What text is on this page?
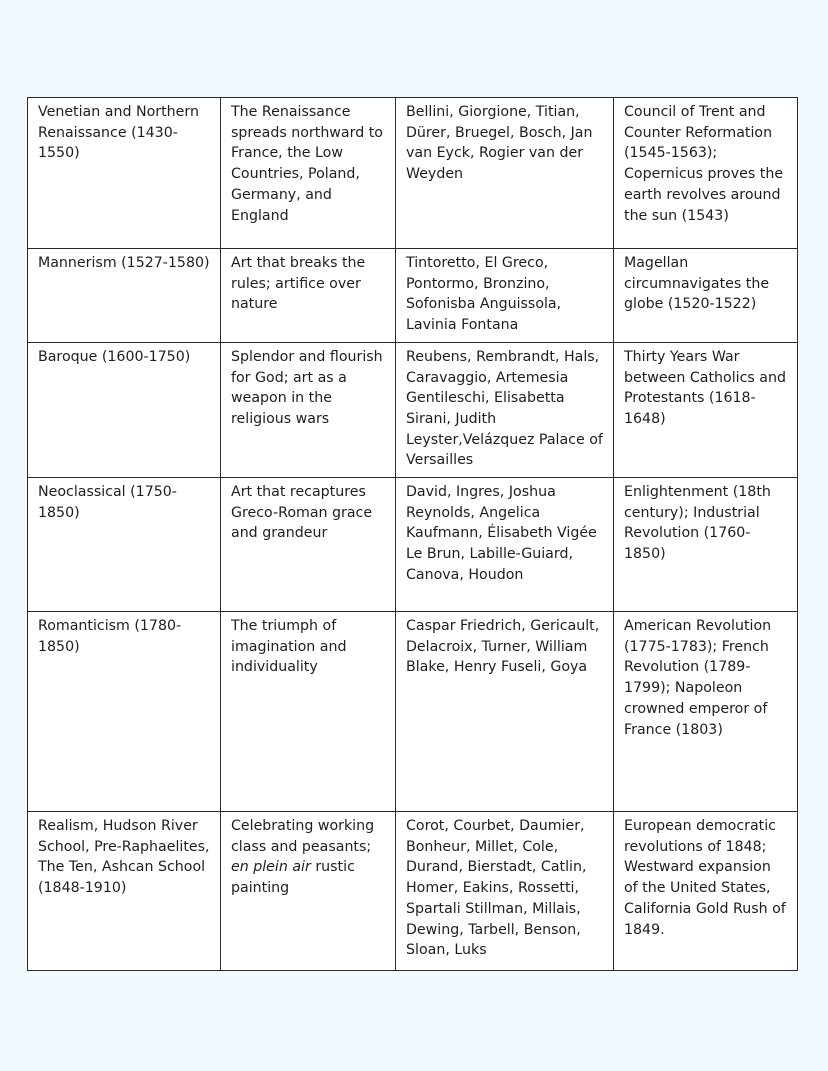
Venetian and Northern Renaissance (1430-1550)	The Renaissance spreads northward to France, the Low Countries, Poland, Germany, and England	Bellini, Giorgione, Titian, Dürer, Bruegel, Bosch, Jan van Eyck, Rogier van der Weyden	Council of Trent and Counter Reformation (1545-1563); Copernicus proves the earth revolves around the sun (1543)
Mannerism (1527-1580)	Art that breaks the rules; artifice over nature	Tintoretto, El Greco, Pontormo, Bronzino, Sofonisba Anguissola, Lavinia Fontana	Magellan circumnavigates the globe (1520-1522)
Baroque (1600-1750)	Splendor and flourish for God; art as a weapon in the religious wars	Reubens, Rembrandt, Hals, Caravaggio, Artemesia Gentileschi, Elisabetta Sirani, Judith Leyster,Velázquez Palace of Versailles	Thirty Years War between Catholics and Protestants (1618-1648)
Neoclassical (1750-1850)	Art that recaptures Greco-Roman grace and grandeur	David, Ingres, Joshua Reynolds, Angelica Kaufmann, Élisabeth Vigée Le Brun, Labille-Guiard, Canova, Houdon	Enlightenment (18th century); Industrial Revolution (1760-1850)
Romanticism (1780-1850)	The triumph of imagination and individuality	Caspar Friedrich, Gericault, Delacroix, Turner, William Blake, Henry Fuseli, Goya	American Revolution (1775-1783); French Revolution (1789-1799); Napoleon crowned emperor of France (1803)
Realism, Hudson River School, Pre-Raphaelites, The Ten, Ashcan School (1848-1910)	Celebrating working class and peasants; en plein air rustic painting	Corot, Courbet, Daumier, Bonheur, Millet, Cole, Durand, Bierstadt, Catlin, Homer, Eakins, Rossetti, Spartali Stillman, Millais, Dewing, Tarbell, Benson, Sloan, Luks	European democratic revolutions of 1848; Westward expansion of the United States, California Gold Rush of 1849.
